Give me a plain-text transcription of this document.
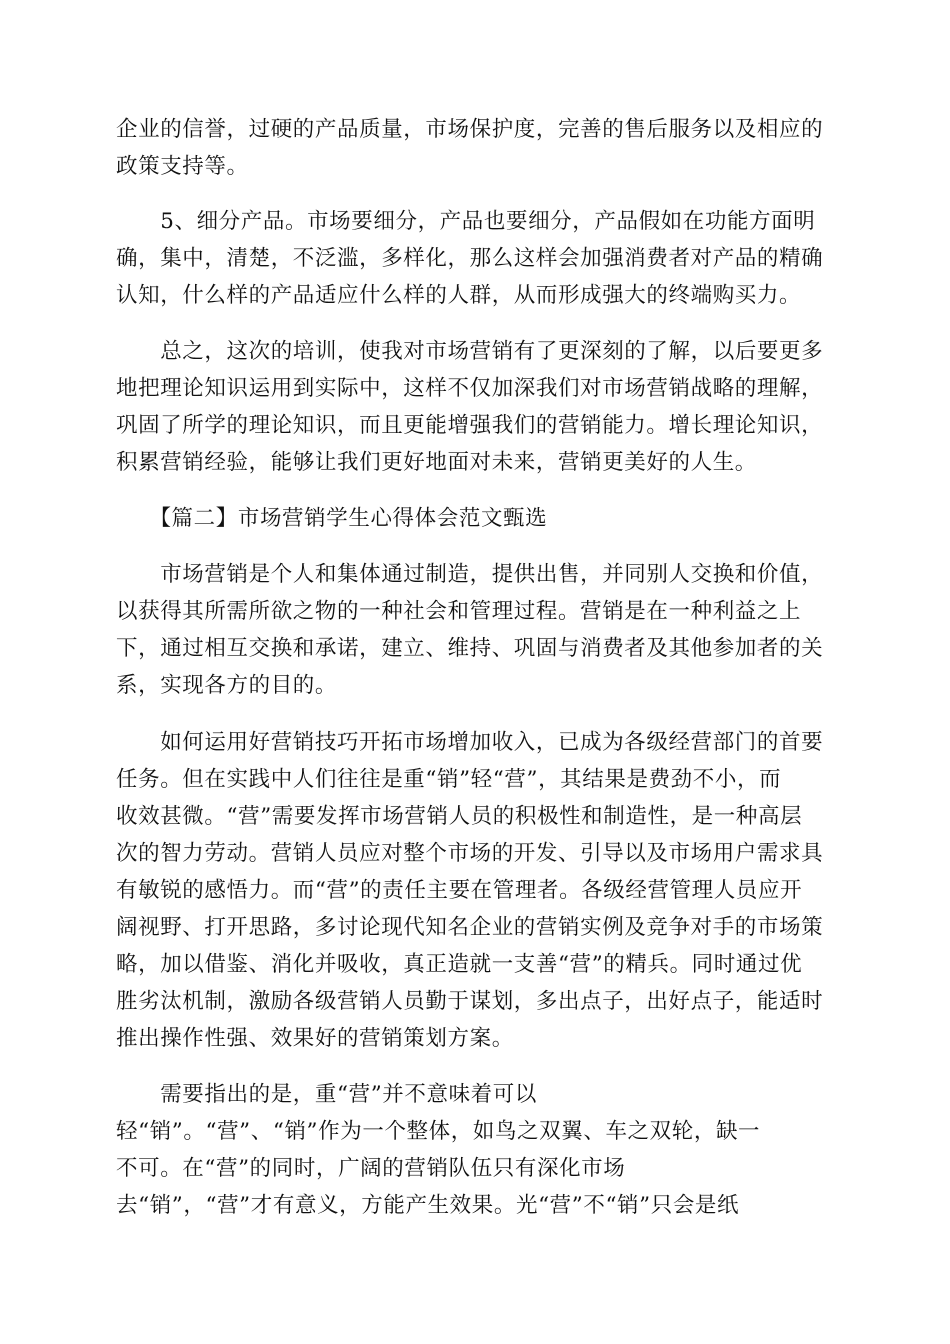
企业的信誉，过硬的产品质量，市场保护度，完善的售后服务以及相应的
政策支持等。
　　5、细分产品。市场要细分，产品也要细分，产品假如在功能方面明
确，集中，清楚，不泛滥，多样化，那么这样会加强消费者对产品的精确
认知，什么样的产品适应什么样的人群，从而形成强大的终端购买力。
　　总之，这次的培训，使我对市场营销有了更深刻的了解，以后要更多
地把理论知识运用到实际中，这样不仅加深我们对市场营销战略的理解，
巩固了所学的理论知识，而且更能增强我们的营销能力。增长理论知识，
积累营销经验，能够让我们更好地面对未来，营销更美好的人生。
　　【篇二】市场营销学生心得体会范文甄选
　　市场营销是个人和集体通过制造，提供出售，并同别人交换和价值，
以获得其所需所欲之物的一种社会和管理过程。营销是在一种利益之上
下，通过相互交换和承诺，建立、维持、巩固与消费者及其他参加者的关
系，实现各方的目的。
　　如何运用好营销技巧开拓市场增加收入，已成为各级经营部门的首要
任务。但在实践中人们往往是重“销”轻“营”，其结果是费劲不小，而
收效甚微。“营”需要发挥市场营销人员的积极性和制造性，是一种高层
次的智力劳动。营销人员应对整个市场的开发、引导以及市场用户需求具
有敏锐的感悟力。而“营”的责任主要在管理者。各级经营管理人员应开
阔视野、打开思路，多讨论现代知名企业的营销实例及竞争对手的市场策
略，加以借鉴、消化并吸收，真正造就一支善“营”的精兵。同时通过优
胜劣汰机制，激励各级营销人员勤于谋划，多出点子，出好点子，能适时
推出操作性强、效果好的营销策划方案。
　　需要指出的是，重“营”并不意味着可以
轻“销”。“营”、“销”作为一个整体，如鸟之双翼、车之双轮，缺一
不可。在“营”的同时，广阔的营销队伍只有深化市场
去“销”，“营”才有意义，方能产生效果。光“营”不“销”只会是纸
